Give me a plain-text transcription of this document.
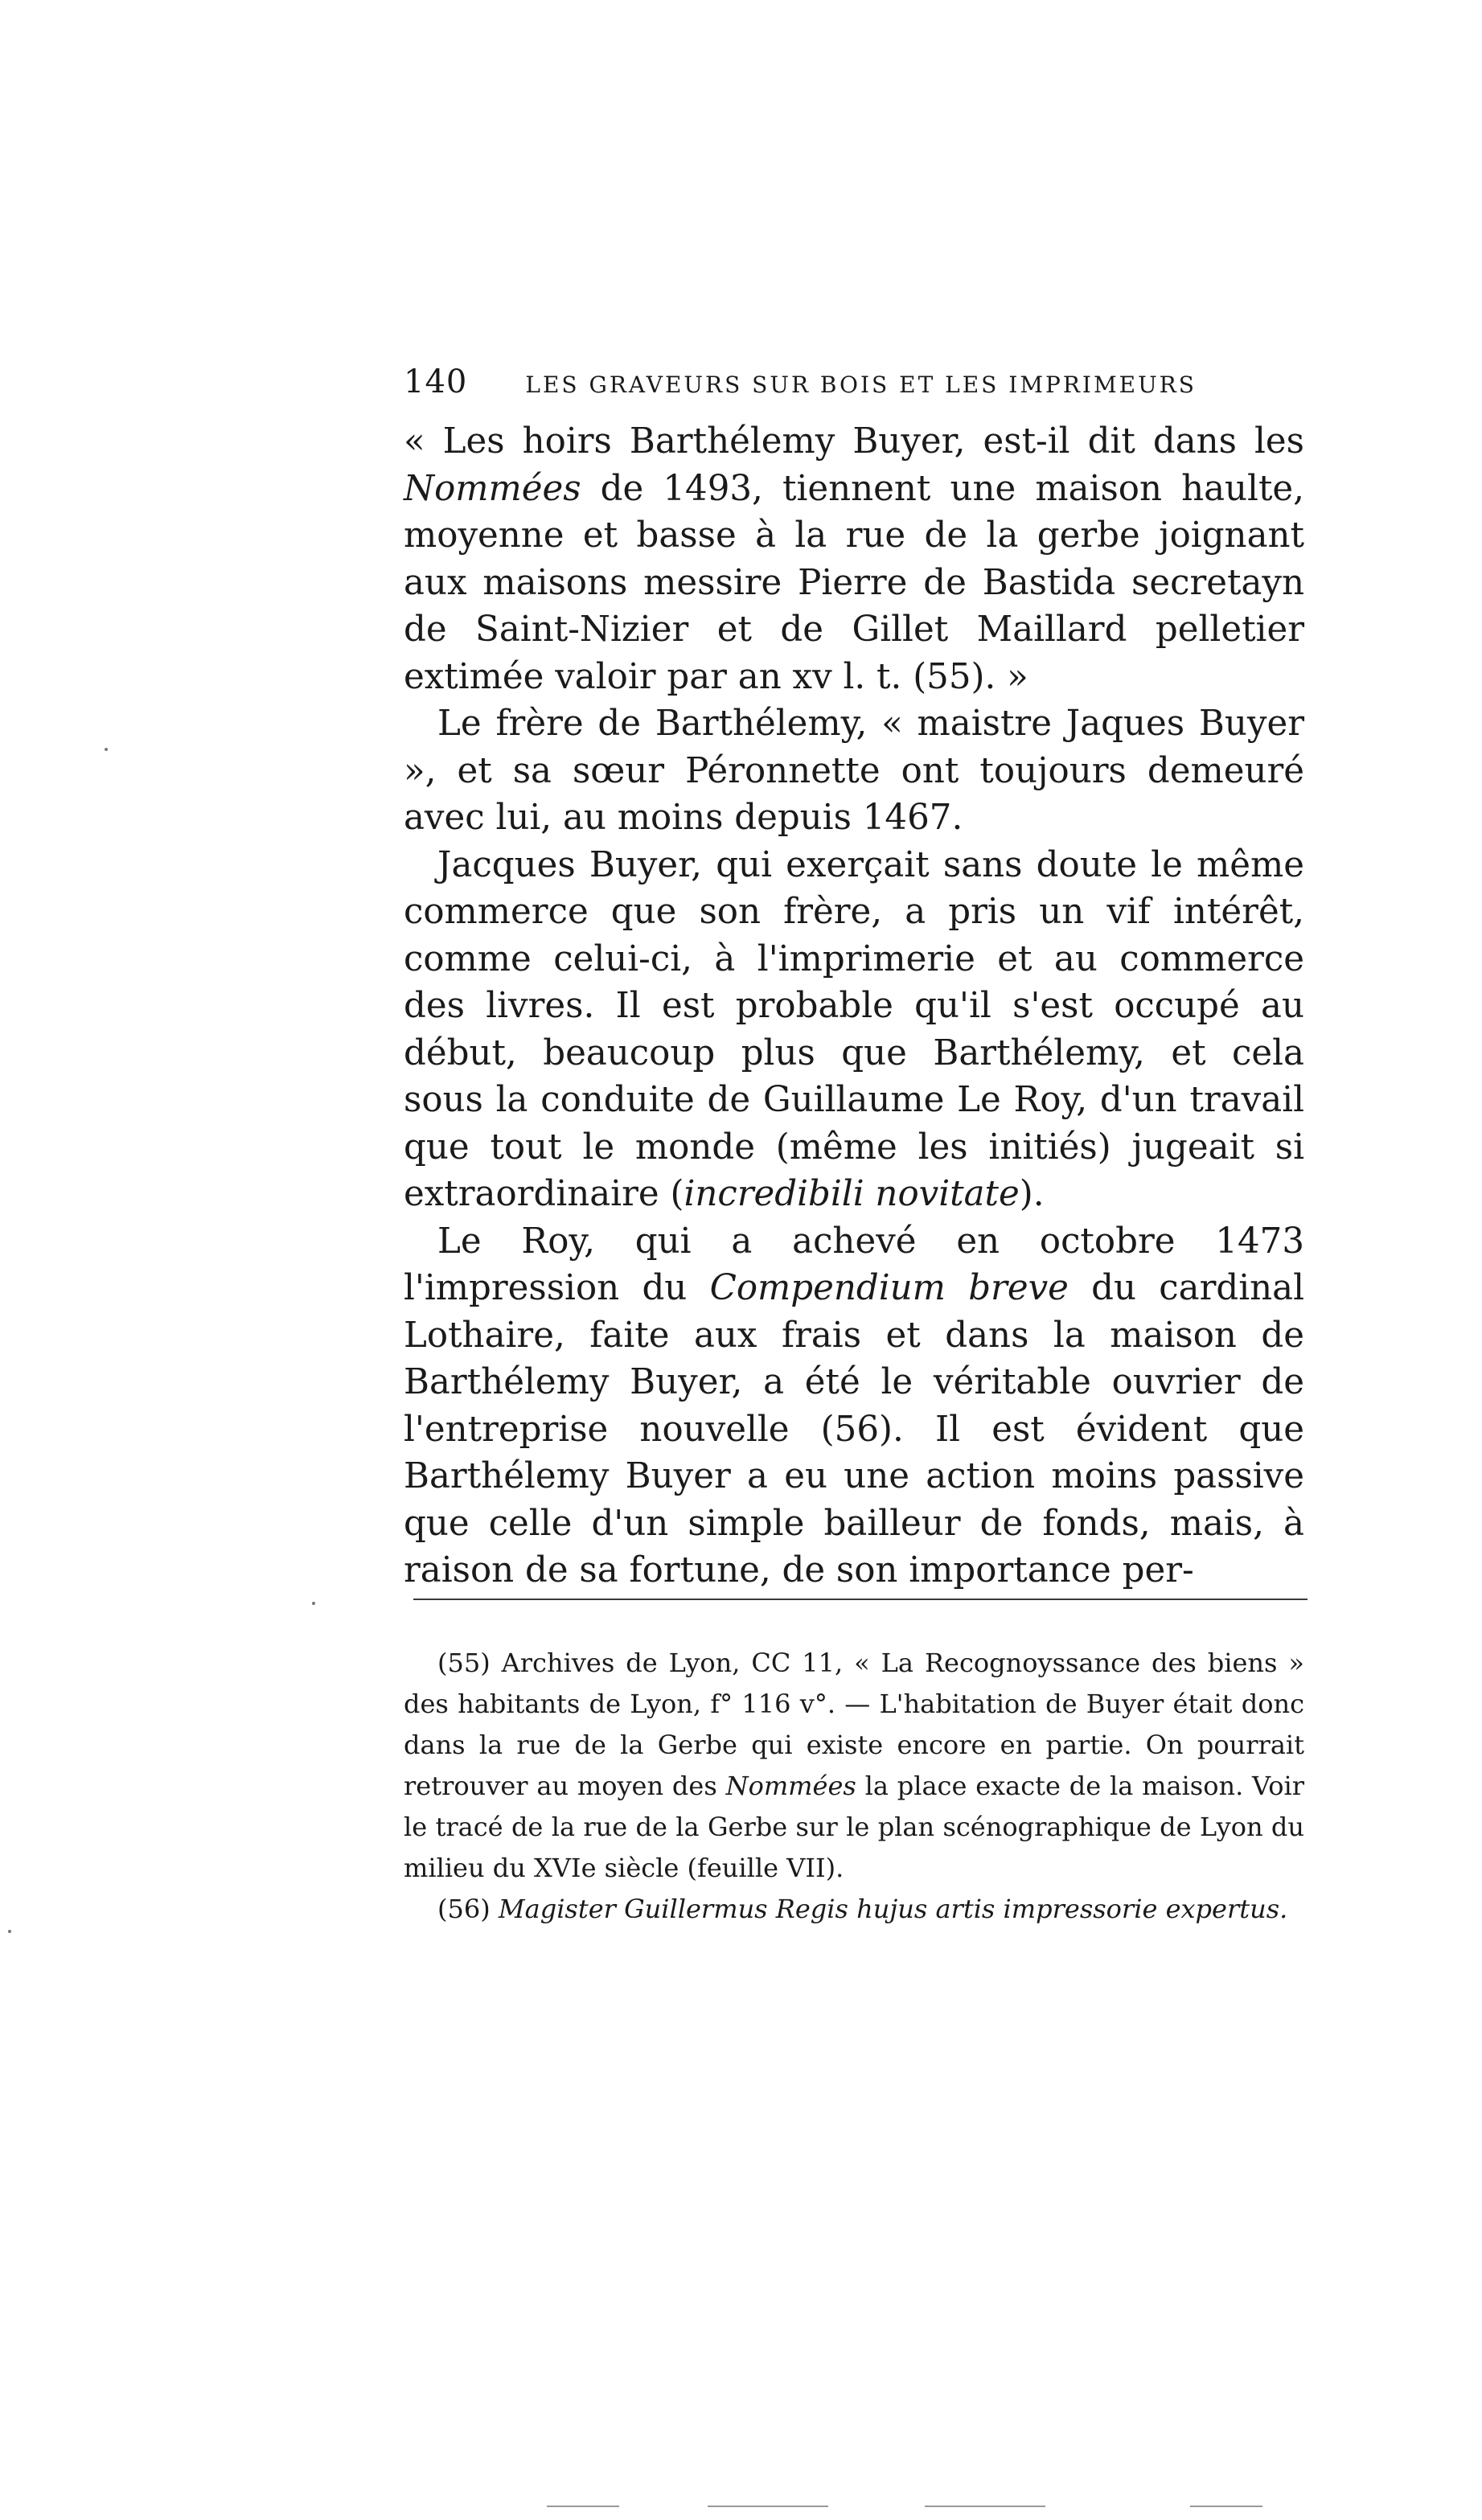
140	LES GRAVEURS SUR BOIS ET LES IMPRIMEURS

« Les hoirs Barthélemy Buyer, est-il dit dans les Nommées de 1493, tiennent une maison haulte, moyenne et basse à la rue de la gerbe joignant aux maisons messire Pierre de Bastida secretayn de Saint-Nizier et de Gillet Maillard pelletier extimée valoir par an xv l. t. (55). »

Le frère de Barthélemy, « maistre Jaques Buyer », et sa sœur Péronnette ont toujours demeuré avec lui, au moins depuis 1467.

Jacques Buyer, qui exerçait sans doute le même commerce que son frère, a pris un vif intérêt, comme celui-ci, à l'imprimerie et au commerce des livres. Il est probable qu'il s'est occupé au début, beaucoup plus que Barthélemy, et cela sous la conduite de Guillaume Le Roy, d'un travail que tout le monde (même les initiés) jugeait si extraordinaire (incredibili novitate).

Le Roy, qui a achevé en octobre 1473 l'impression du Compendium breve du cardinal Lothaire, faite aux frais et dans la maison de Barthélemy Buyer, a été le véritable ouvrier de l'entreprise nouvelle (56). Il est évident que Barthélemy Buyer a eu une action moins passive que celle d'un simple bailleur de fonds, mais, à raison de sa fortune, de son importance per-

(55) Archives de Lyon, CC 11, « La Recognoyssance des biens » des habitants de Lyon, f° 116 v°. — L'habitation de Buyer était donc dans la rue de la Gerbe qui existe encore en partie. On pourrait retrouver au moyen des Nommées la place exacte de la maison. Voir le tracé de la rue de la Gerbe sur le plan scénographique de Lyon du milieu du XVIe siècle (feuille VII).

(56) Magister Guillermus Regis hujus artis impressorie expertus.
